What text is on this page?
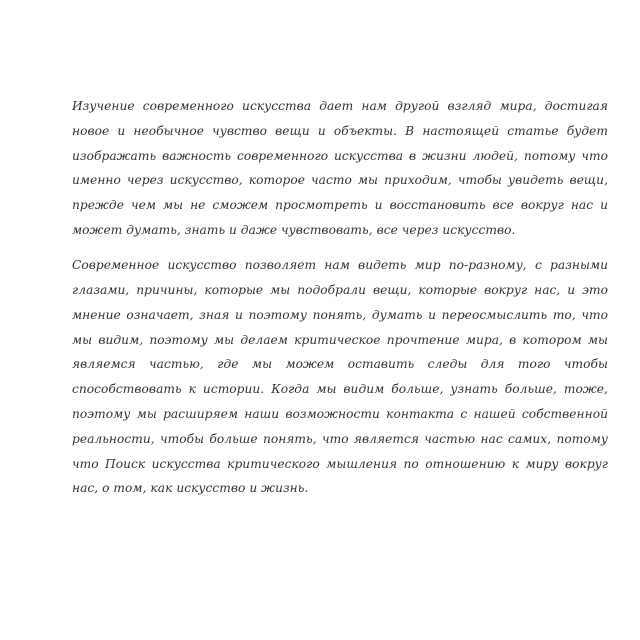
Изучение современного искусства дает нам другой взгляд мира, достигая новое и необычное чувство вещи и объекты. В настоящей статье будет изображать важность современного искусства в жизни людей, потому что именно через искусство, которое часто мы приходим, чтобы увидеть вещи, прежде чем мы не сможем просмотреть и восстановить все вокруг нас и может думать, знать и даже чувствовать, все через искусство.

Современное искусство позволяет нам видеть мир по-разному, с разными глазами, причины, которые мы подобрали вещи, которые вокруг нас, и это мнение означает, зная и поэтому понять, думать и переосмыслить то, что мы видим, поэтому мы делаем критическое прочтение мира, в котором мы являемся частью, где мы можем оставить следы для того чтобы способствовать к истории. Когда мы видим больше, узнать больше, тоже, поэтому мы расширяем наши возможности контакта с нашей собственной реальности, чтобы больше понять, что является частью нас самих, потому что Поиск искусства критического мышления по отношению к миру вокруг нас, о том, как искусство и жизнь.
